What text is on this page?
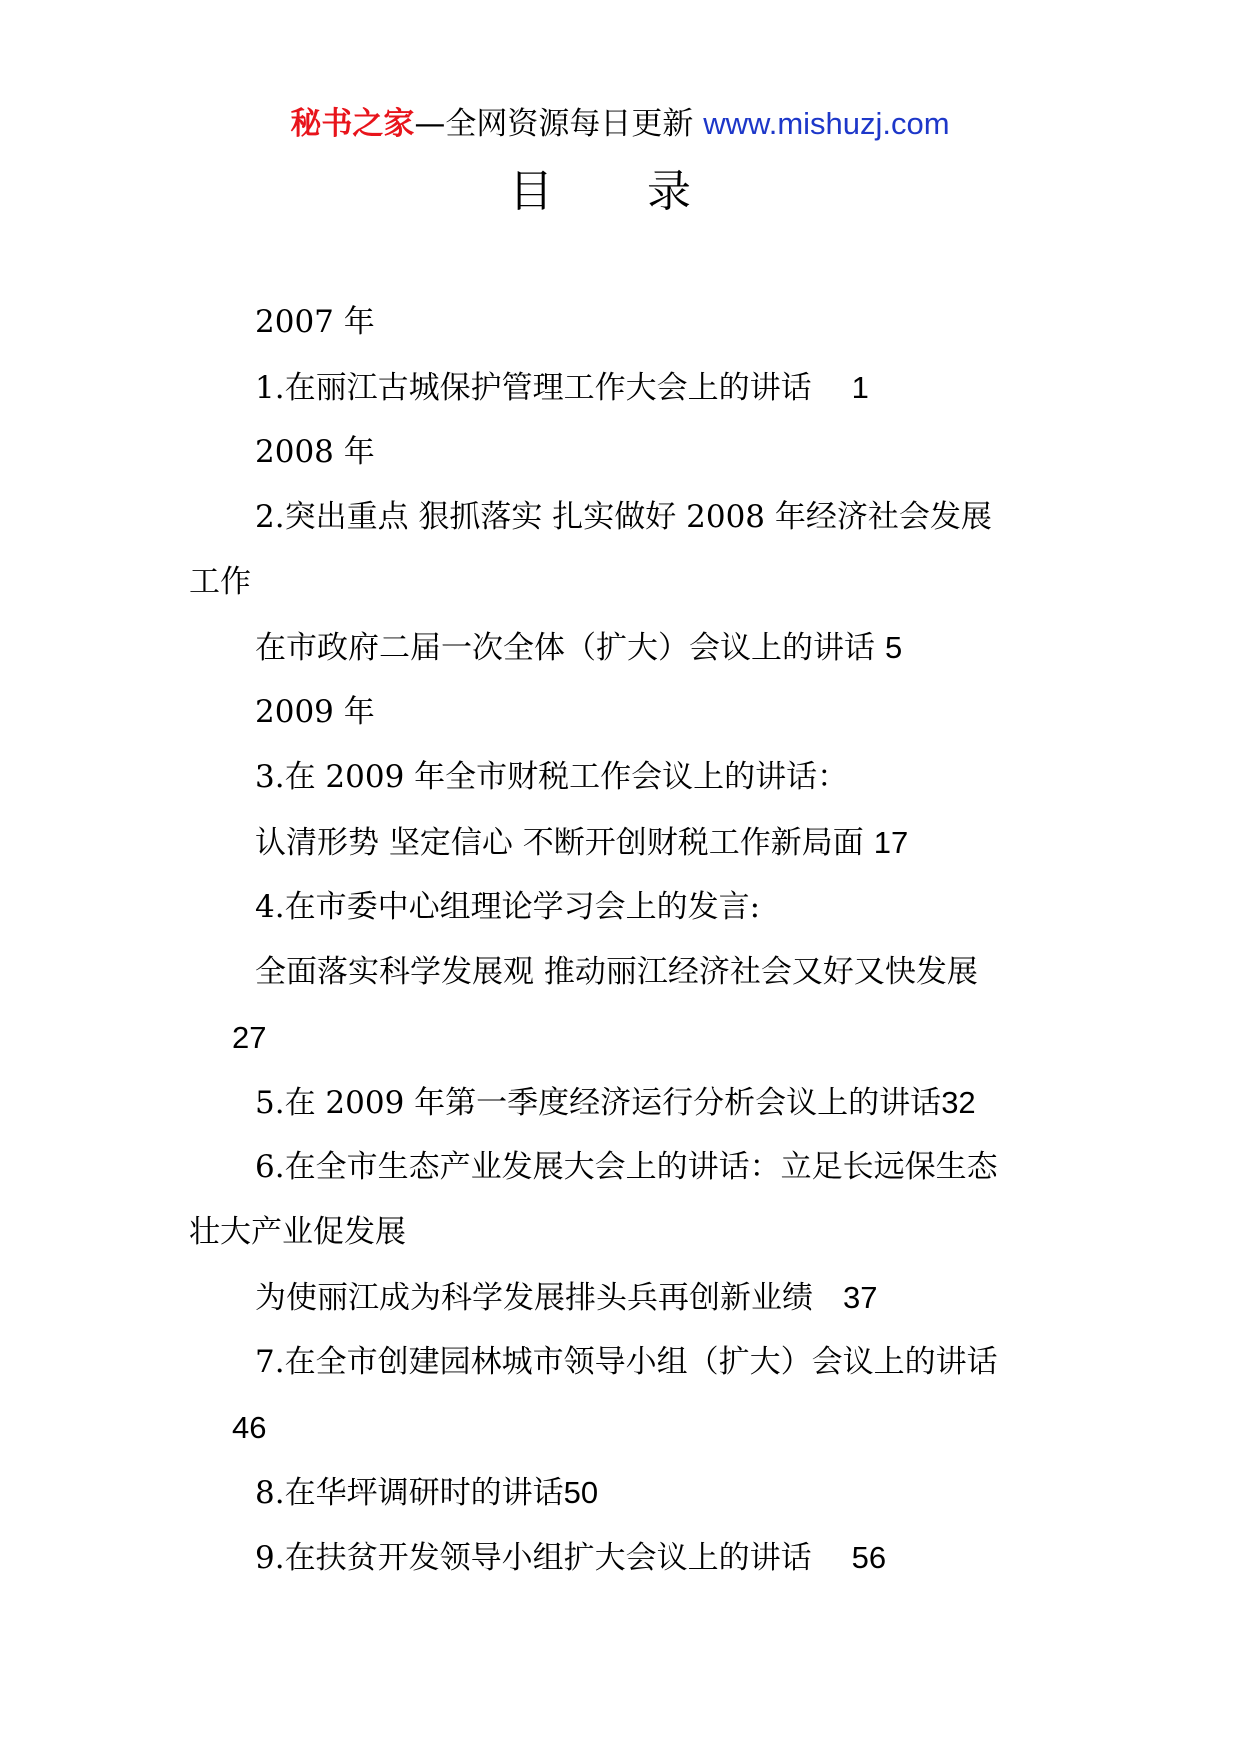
秘书之家—全网资源每日更新 www.mishuzj.com
目 录
2007 年
1.在丽江古城保护管理工作大会上的讲话 1
2008 年
2.突出重点 狠抓落实 扎实做好 2008 年经济社会发展
工作
在市政府二届一次全体（扩大）会议上的讲话 5
2009 年
3.在 2009 年全市财税工作会议上的讲话：
认清形势 坚定信心 不断开创财税工作新局面 17
4.在市委中心组理论学习会上的发言:
全面落实科学发展观 推动丽江经济社会又好又快发展
27
5.在 2009 年第一季度经济运行分析会议上的讲话32
6.在全市生态产业发展大会上的讲话：立足长远保生态
壮大产业促发展
为使丽江成为科学发展排头兵再创新业绩 37
7.在全市创建园林城市领导小组（扩大）会议上的讲话
46
8.在华坪调研时的讲话50
9.在扶贫开发领导小组扩大会议上的讲话 56
